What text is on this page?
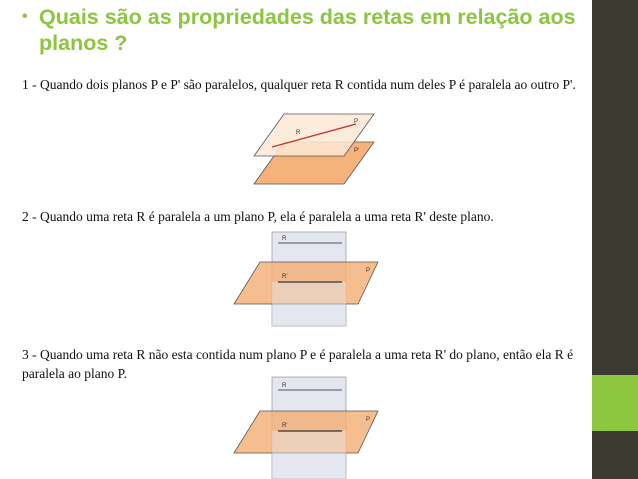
• Quais são as propriedades das retas em relação aos planos ?
1 - Quando dois planos P e P' são paralelos, qualquer reta R contida num deles P é paralela ao outro P'.
R
P
P'
2 - Quando uma reta R é paralela a um plano P, ela é paralela a uma reta R' deste plano.
R
R'
P
3 - Quando uma reta R não esta contida num plano P e é paralela a uma reta R' do plano, então ela R é paralela ao plano P.
R
R'
P
